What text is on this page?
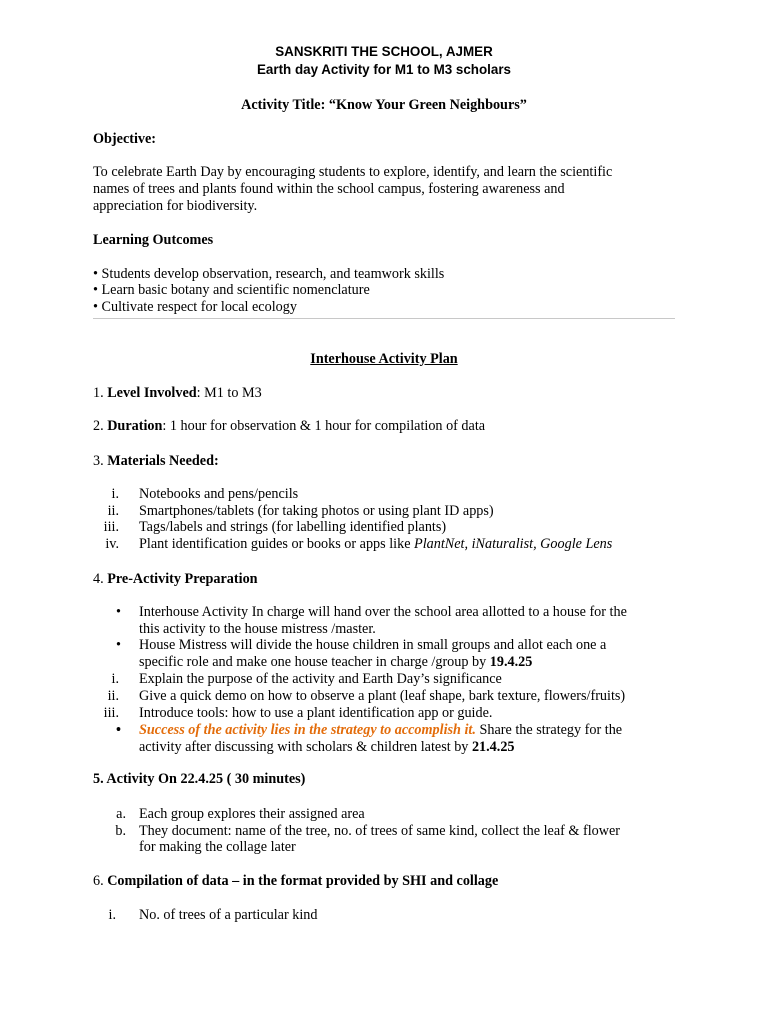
SANSKRITI THE SCHOOL, AJMER
Earth day Activity for M1 to M3 scholars
Activity Title: “Know Your Green Neighbours”
Objective:
To celebrate Earth Day by encouraging students to explore, identify, and learn the scientific
names of trees and plants found within the school campus, fostering awareness and
appreciation for biodiversity.
Learning Outcomes
• Students develop observation, research, and teamwork skills
• Learn basic botany and scientific nomenclature
• Cultivate respect for local ecology
Interhouse Activity Plan
1. Level Involved: M1 to M3
2. Duration: 1 hour for observation & 1 hour for compilation of data
3. Materials Needed:
i. Notebooks and pens/pencils
ii. Smartphones/tablets (for taking photos or using plant ID apps)
iii. Tags/labels and strings (for labelling identified plants)
iv. Plant identification guides or books or apps like PlantNet, iNaturalist, Google Lens
4. Pre-Activity Preparation
• Interhouse Activity In charge will hand over the school area allotted to a house for the
this activity to the house mistress /master.
• House Mistress will divide the house children in small groups and allot each one a
specific role and make one house teacher in charge /group by 19.4.25
i. Explain the purpose of the activity and Earth Day’s significance
ii. Give a quick demo on how to observe a plant (leaf shape, bark texture, flowers/fruits)
iii. Introduce tools: how to use a plant identification app or guide.
• Success of the activity lies in the strategy to accomplish it. Share the strategy for the
activity after discussing with scholars & children latest by 21.4.25
5. Activity On 22.4.25 ( 30 minutes)
a. Each group explores their assigned area
b. They document: name of the tree, no. of trees of same kind, collect the leaf & flower
for making the collage later
6. Compilation of data – in the format provided by SHI and collage
i. No. of trees of a particular kind
